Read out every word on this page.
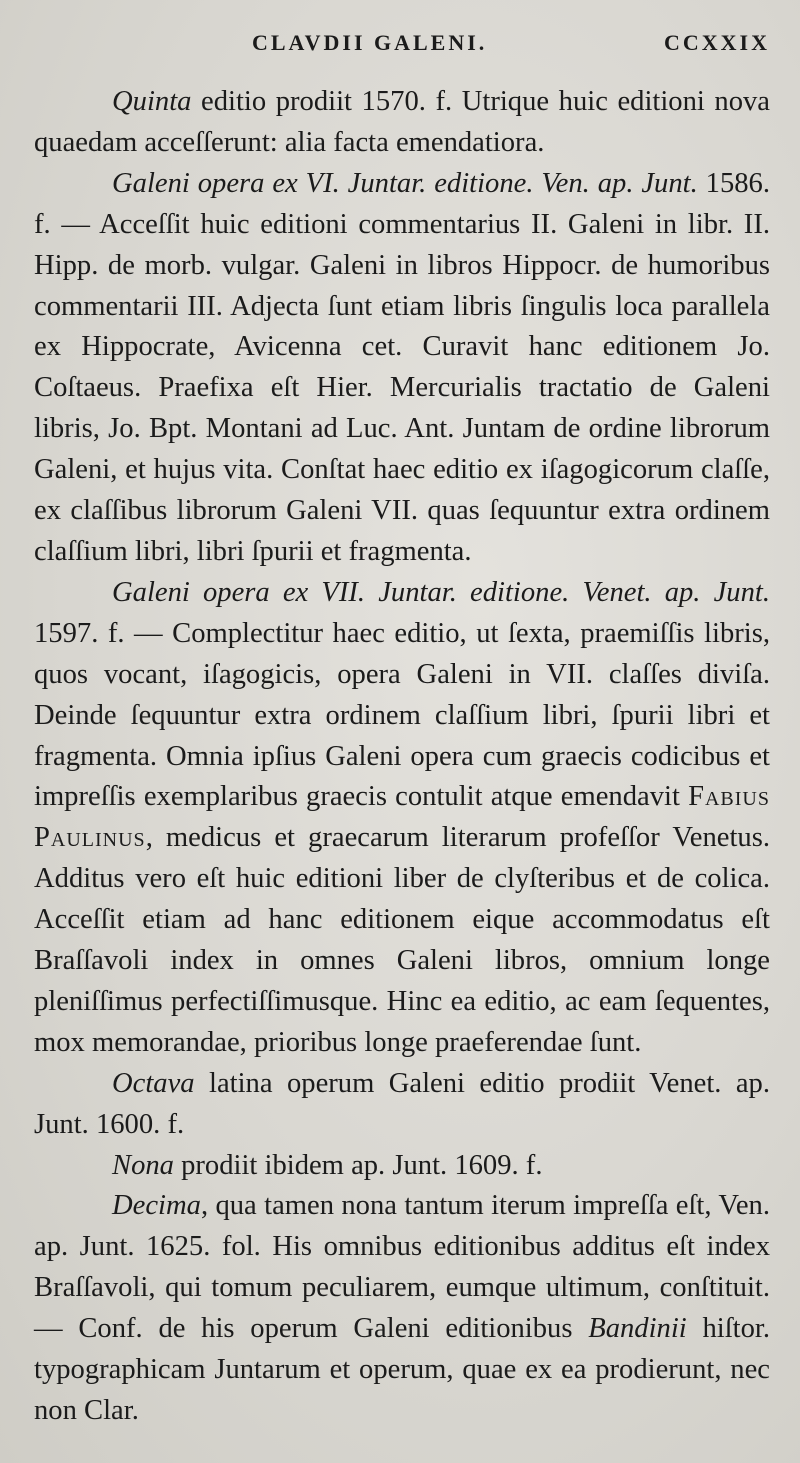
CLAVDII GALENI.	CCXXIX

Quinta editio prodiit 1570. f. Utrique huic editioni nova quaedam acceſſerunt: alia facta emendatiora.

Galeni opera ex VI. Juntar. editione. Ven. ap. Junt. 1586. f. — Acceſſit huic editioni commentarius II. Galeni in libr. II. Hipp. de morb. vulgar. Galeni in libros Hippocr. de humoribus commentarii III. Adjecta ſunt etiam libris ſingulis loca parallela ex Hippocrate, Avicenna cet. Curavit hanc editionem Jo. Coſtaeus. Praefixa eſt Hier. Mercurialis tractatio de Galeni libris, Jo. Bpt. Montani ad Luc. Ant. Juntam de ordine librorum Galeni, et hujus vita. Conſtat haec editio ex iſagogicorum claſſe, ex claſſibus librorum Galeni VII. quas ſequuntur extra ordinem claſſium libri, libri ſpurii et fragmenta.

Galeni opera ex VII. Juntar. editione. Venet. ap. Junt. 1597. f. — Complectitur haec editio, ut ſexta, praemiſſis libris, quos vocant, iſagogicis, opera Galeni in VII. claſſes diviſa. Deinde ſequuntur extra ordinem claſſium libri, ſpurii libri et fragmenta. Omnia ipſius Galeni opera cum graecis codicibus et impreſſis exemplaribus graecis contulit atque emendavit Fabius Paulinus, medicus et graecarum literarum profeſſor Venetus. Additus vero eſt huic editioni liber de clyſteribus et de colica. Acceſſit etiam ad hanc editionem eique accommodatus eſt Braſſavoli index in omnes Galeni libros, omnium longe pleniſſimus perfectiſſimusque. Hinc ea editio, ac eam ſequentes, mox memorandae, prioribus longe praeferendae ſunt.

Octava latina operum Galeni editio prodiit Venet. ap. Junt. 1600. f.

Nona prodiit ibidem ap. Junt. 1609. f.

Decima, qua tamen nona tantum iterum impreſſa eſt, Ven. ap. Junt. 1625. fol. His omnibus editionibus additus eſt index Braſſavoli, qui tomum peculiarem, eumque ultimum, conſtituit. — Conf. de his operum Galeni editionibus Bandinii hiſtor. typographicam Juntarum et operum, quae ex ea prodierunt, nec non Clar.
